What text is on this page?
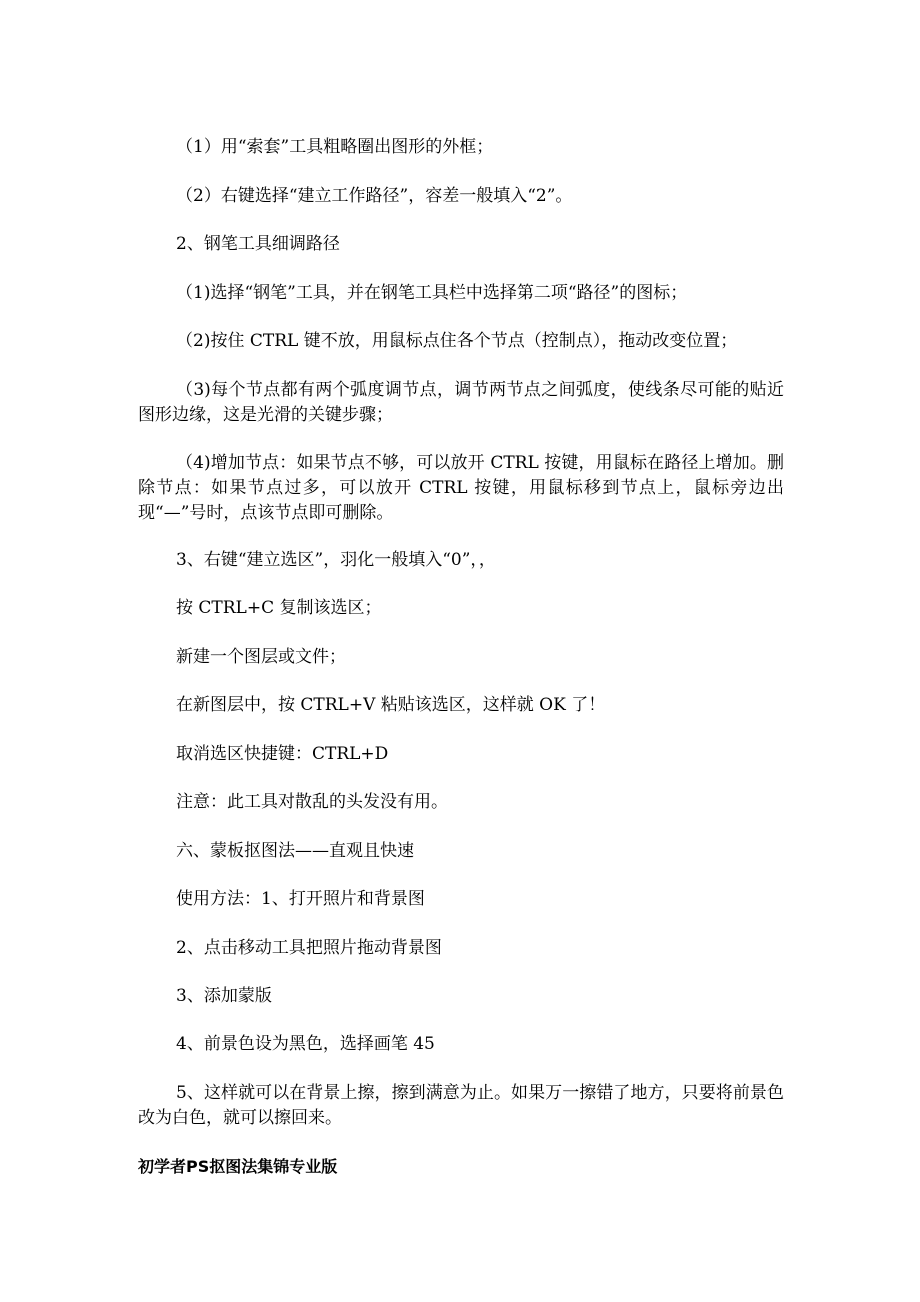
（1）用“索套”工具粗略圈出图形的外框；

（2）右键选择“建立工作路径”，容差一般填入“2”。

2、钢笔工具细调路径

（1)选择“钢笔”工具，并在钢笔工具栏中选择第二项“路径”的图标；

（2)按住 CTRL 键不放，用鼠标点住各个节点（控制点），拖动改变位置；

（3)每个节点都有两个弧度调节点，调节两节点之间弧度，使线条尽可能的贴近图形边缘，这是光滑的关键步骤；

（4)增加节点：如果节点不够，可以放开 CTRL 按键，用鼠标在路径上增加。删除节点：如果节点过多，可以放开 CTRL 按键，用鼠标移到节点上，鼠标旁边出现“—”号时，点该节点即可删除。

3、右键“建立选区”，羽化一般填入“0”，，

按 CTRL+C 复制该选区；

新建一个图层或文件；

在新图层中，按 CTRL+V 粘贴该选区，这样就 OK 了！

取消选区快捷键：CTRL+D

注意：此工具对散乱的头发没有用。

六、蒙板抠图法——直观且快速

使用方法：1、打开照片和背景图

2、点击移动工具把照片拖动背景图

3、添加蒙版

4、前景色设为黑色，选择画笔 45

5、这样就可以在背景上擦，擦到满意为止。如果万一擦错了地方，只要将前景色改为白色，就可以擦回来。

初学者PS抠图法集锦专业版
